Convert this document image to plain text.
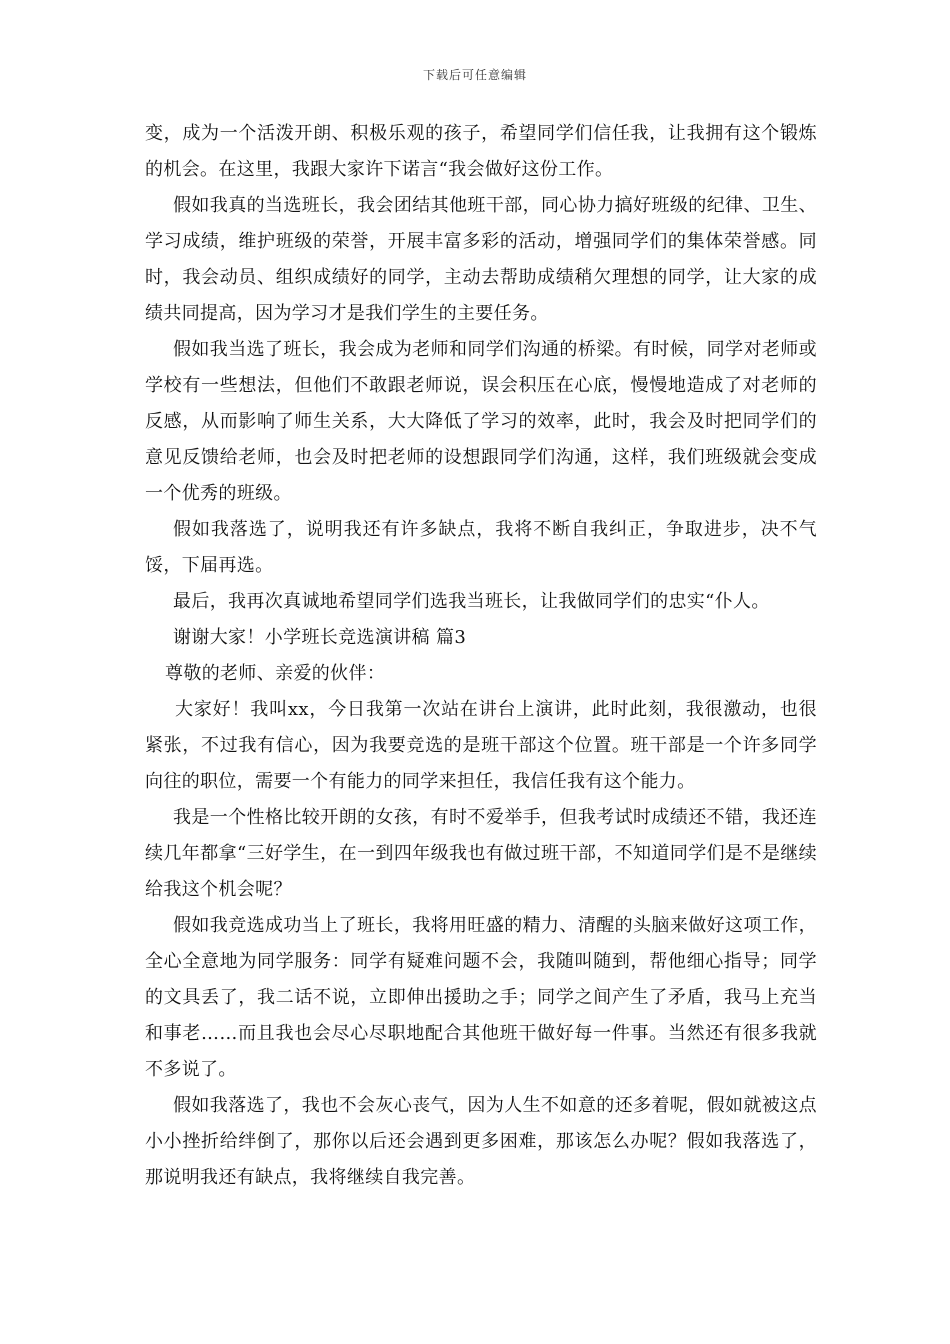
下载后可任意编辑

变，成为一个活泼开朗、积极乐观的孩子，希望同学们信任我，让我拥有这个锻炼的机会。在这里，我跟大家许下诺言“我会做好这份工作。

假如我真的当选班长，我会团结其他班干部，同心协力搞好班级的纪律、卫生、学习成绩，维护班级的荣誉，开展丰富多彩的活动，增强同学们的集体荣誉感。同时，我会动员、组织成绩好的同学，主动去帮助成绩稍欠理想的同学，让大家的成绩共同提高，因为学习才是我们学生的主要任务。

假如我当选了班长，我会成为老师和同学们沟通的桥梁。有时候，同学对老师或学校有一些想法，但他们不敢跟老师说，误会积压在心底，慢慢地造成了对老师的反感，从而影响了师生关系，大大降低了学习的效率，此时，我会及时把同学们的意见反馈给老师，也会及时把老师的设想跟同学们沟通，这样，我们班级就会变成一个优秀的班级。

假如我落选了，说明我还有许多缺点，我将不断自我纠正，争取进步，决不气馁，下届再选。

最后，我再次真诚地希望同学们选我当班长，让我做同学们的忠实“仆人。

谢谢大家！小学班长竞选演讲稿 篇3

尊敬的老师、亲爱的伙伴：

大家好！我叫xx，今日我第一次站在讲台上演讲，此时此刻，我很激动，也很紧张，不过我有信心，因为我要竞选的是班干部这个位置。班干部是一个许多同学向往的职位，需要一个有能力的同学来担任，我信任我有这个能力。

我是一个性格比较开朗的女孩，有时不爱举手，但我考试时成绩还不错，我还连续几年都拿“三好学生，在一到四年级我也有做过班干部，不知道同学们是不是继续给我这个机会呢？

假如我竞选成功当上了班长，我将用旺盛的精力、清醒的头脑来做好这项工作，全心全意地为同学服务：同学有疑难问题不会，我随叫随到，帮他细心指导；同学的文具丢了，我二话不说，立即伸出援助之手；同学之间产生了矛盾，我马上充当和事老……而且我也会尽心尽职地配合其他班干做好每一件事。当然还有很多我就不多说了。

假如我落选了，我也不会灰心丧气，因为人生不如意的还多着呢，假如就被这点小小挫折给绊倒了，那你以后还会遇到更多困难，那该怎么办呢？假如我落选了，那说明我还有缺点，我将继续自我完善。
